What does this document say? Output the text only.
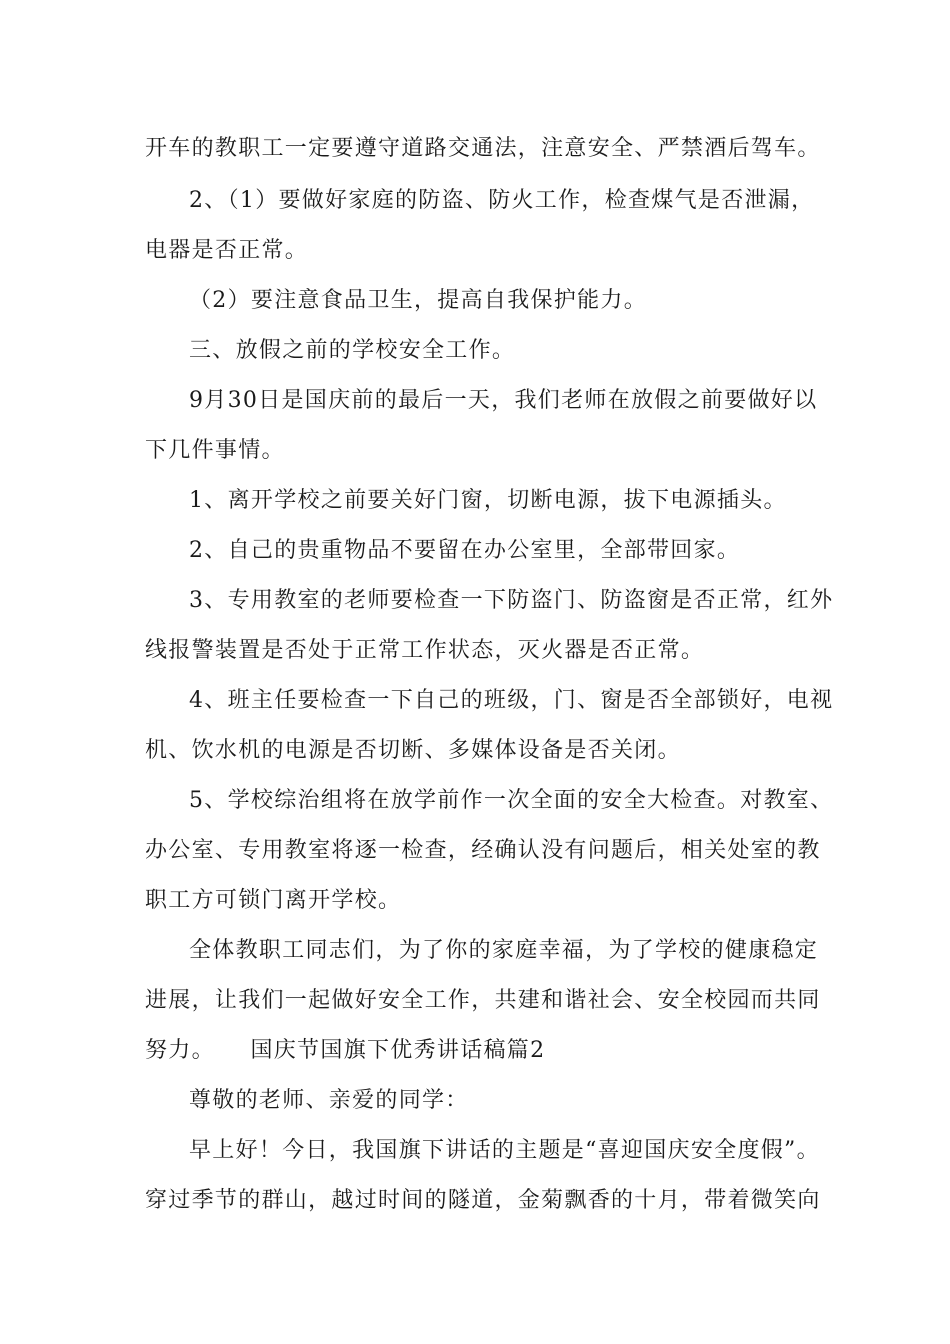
开车的教职工一定要遵守道路交通法，注意安全、严禁酒后驾车。
2、（1）要做好家庭的防盗、防火工作，检查煤气是否泄漏，
电器是否正常。
（2）要注意食品卫生，提高自我保护能力。
三、放假之前的学校安全工作。
9月30日是国庆前的最后一天，我们老师在放假之前要做好以
下几件事情。
1、离开学校之前要关好门窗，切断电源，拔下电源插头。
2、自己的贵重物品不要留在办公室里，全部带回家。
3、专用教室的老师要检查一下防盗门、防盗窗是否正常，红外
线报警装置是否处于正常工作状态，灭火器是否正常。
4、班主任要检查一下自己的班级，门、窗是否全部锁好，电视
机、饮水机的电源是否切断、多媒体设备是否关闭。
5、学校综治组将在放学前作一次全面的安全大检查。对教室、
办公室、专用教室将逐一检查，经确认没有问题后，相关处室的教
职工方可锁门离开学校。
全体教职工同志们，为了你的家庭幸福，为了学校的健康稳定
进展，让我们一起做好安全工作，共建和谐社会、安全校园而共同
努力。　　国庆节国旗下优秀讲话稿篇2
尊敬的老师、亲爱的同学：
早上好！今日，我国旗下讲话的主题是“喜迎国庆安全度假”。
穿过季节的群山，越过时间的隧道，金菊飘香的十月，带着微笑向
